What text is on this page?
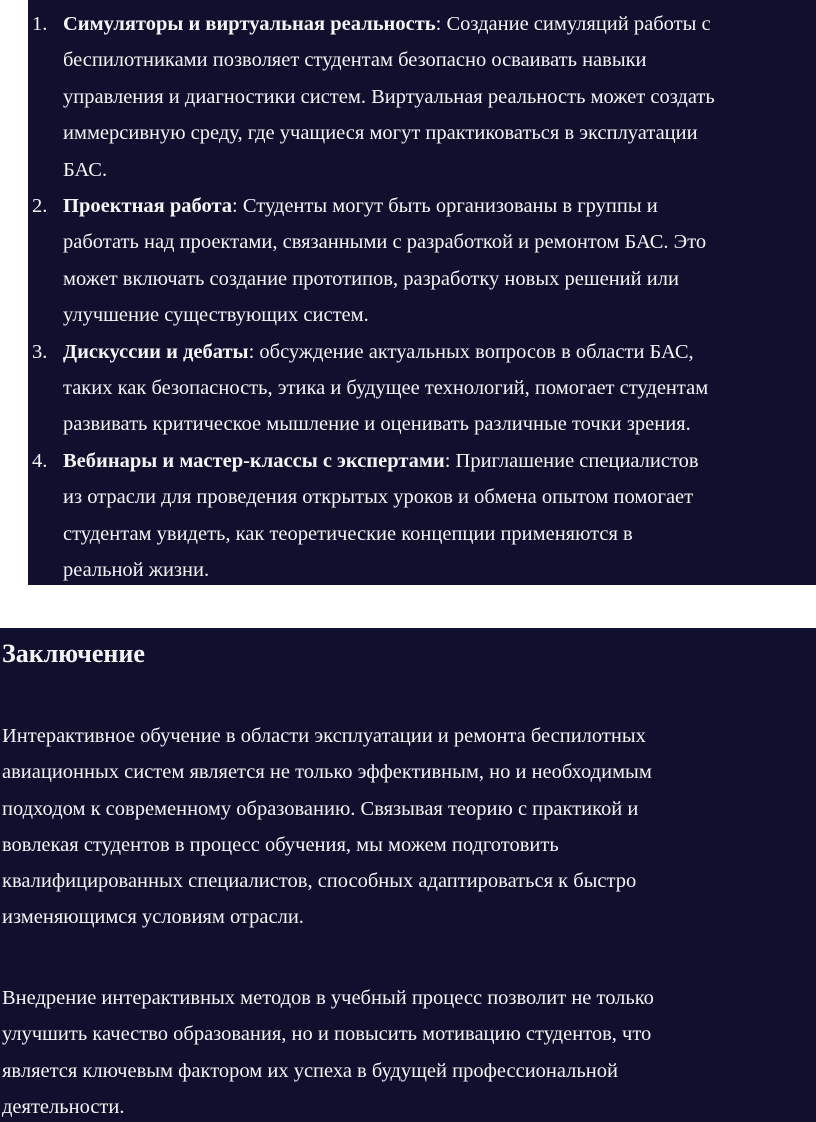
1. Симуляторы и виртуальная реальность: Создание симуляций работы с
беспилотниками позволяет студентам безопасно осваивать навыки
управления и диагностики систем. Виртуальная реальность может создать
иммерсивную среду, где учащиеся могут практиковаться в эксплуатации
БАС.
2. Проектная работа: Студенты могут быть организованы в группы и
работать над проектами, связанными с разработкой и ремонтом БАС. Это
может включать создание прототипов, разработку новых решений или
улучшение существующих систем.
3. Дискуссии и дебаты: обсуждение актуальных вопросов в области БАС,
таких как безопасность, этика и будущее технологий, помогает студентам
развивать критическое мышление и оценивать различные точки зрения.
4. Вебинары и мастер-классы с экспертами: Приглашение специалистов
из отрасли для проведения открытых уроков и обмена опытом помогает
студентам увидеть, как теоретические концепции применяются в
реальной жизни.
Заключение

Интерактивное обучение в области эксплуатации и ремонта беспилотных
авиационных систем является не только эффективным, но и необходимым
подходом к современному образованию. Связывая теорию с практикой и
вовлекая студентов в процесс обучения, мы можем подготовить
квалифицированных специалистов, способных адаптироваться к быстро
изменяющимся условиям отрасли.

Внедрение интерактивных методов в учебный процесс позволит не только
улучшить качество образования, но и повысить мотивацию студентов, что
является ключевым фактором их успеха в будущей профессиональной
деятельности.
